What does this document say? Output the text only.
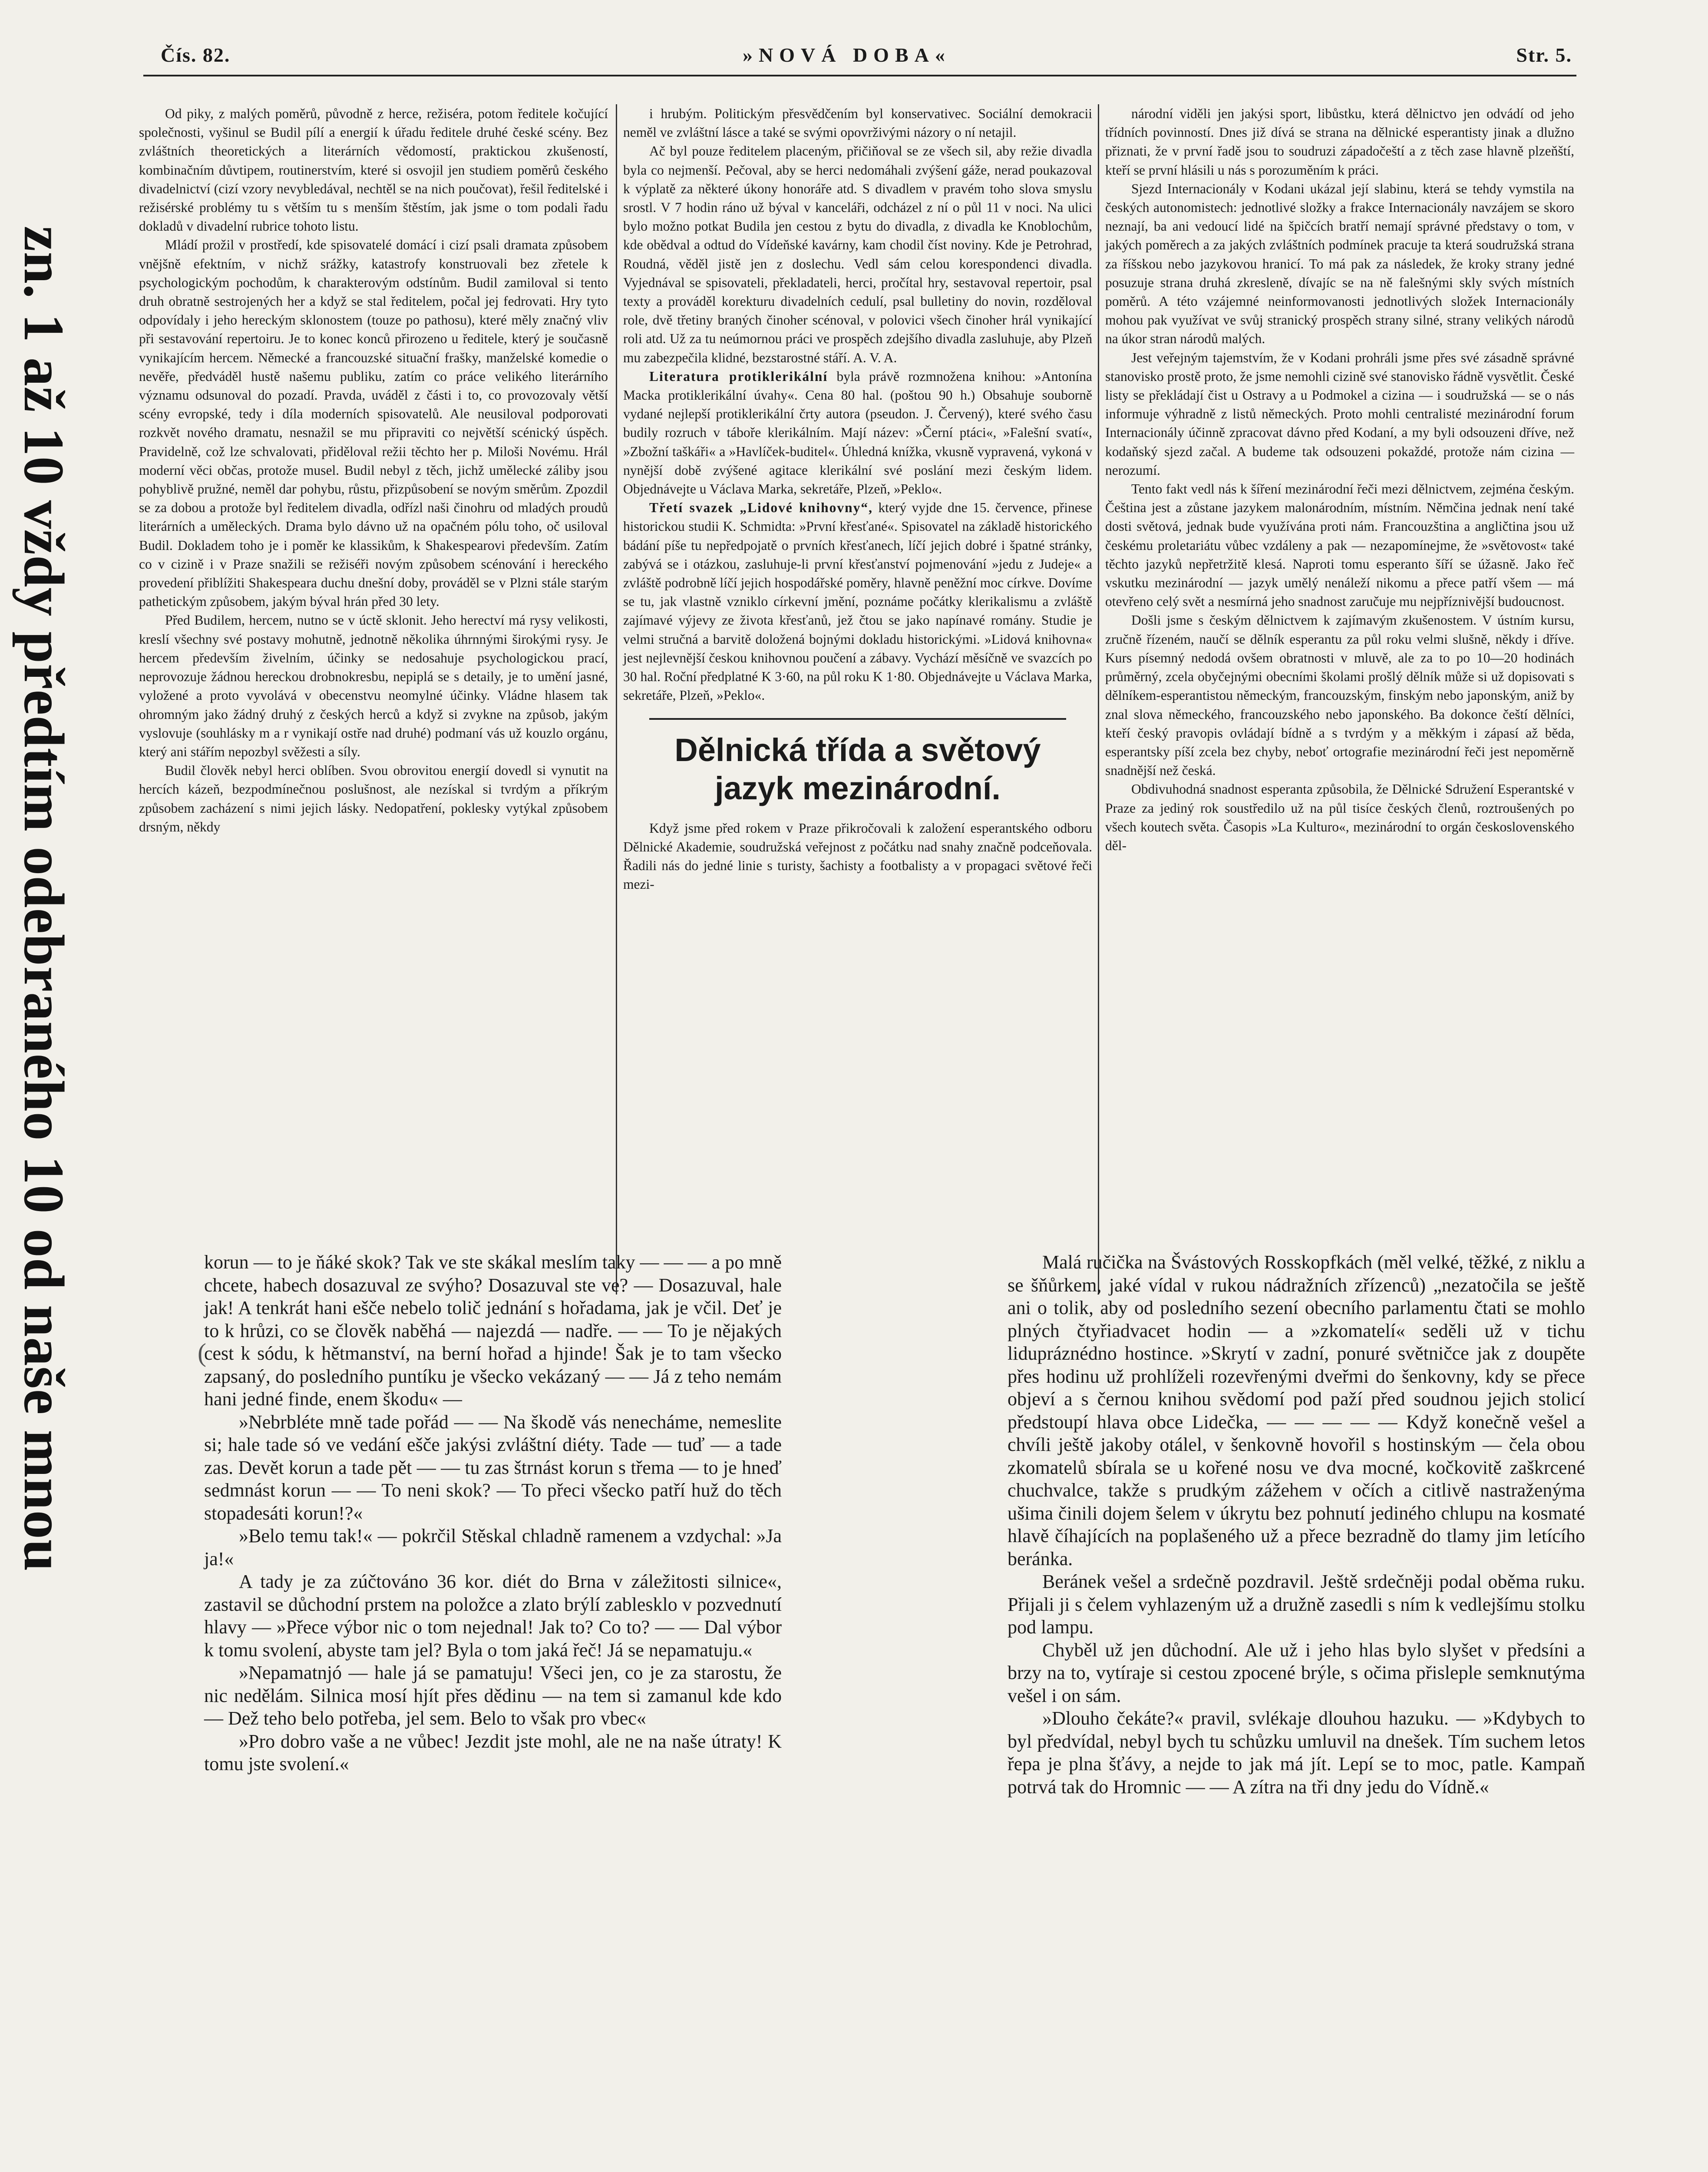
Čís. 82.	»NOVÁ DOBA«	Str. 5.
zn. 1 až 10 vždy předtím odebraného 10 od naše mnou

Od piky, z malých poměrů, původně z herce, režiséra, potom ředitele kočující společnosti, vyšinul se Budil pílí a energií k úřadu ředitele druhé české scény. Bez zvláštních theoretických a literárních vědomostí, praktickou zkušeností, kombinačním důvtipem, routinerstvím, které si osvojil jen studiem poměrů českého divadelnictví (cizí vzory nevybledával, nechtěl se na nich poučovat), řešil ředitelské i režisérské problémy tu s větším tu s menším štěstím, jak jsme o tom podali řadu dokladů v divadelní rubrice tohoto listu.

Mládí prožil v prostředí, kde spisovatelé domácí i cizí psali dramata způsobem vnějšně efektním, v nichž srážky, katastrofy konstruovali bez zřetele k psychologickým pochodům, k charakterovým odstínům. Budil zamiloval si tento druh obratně sestrojených her a když se stal ředitelem, počal jej fedrovati. Hry tyto odpovídaly i jeho hereckým sklonostem (touze po pathosu), které měly značný vliv při sestavování repertoiru. Je to konec konců přirozeno u ředitele, který je současně vynikajícím hercem. Německé a francouzské situační frašky, manželské komedie o nevěře, předváděl hustě našemu publiku, zatím co práce velikého literárního významu odsunoval do pozadí. Pravda, uváděl z části i to, co provozovaly větší scény evropské, tedy i díla moderních spisovatelů. Ale neusiloval podporovati rozkvět nového dramatu, nesnažil se mu připraviti co největší scénický úspěch. Pravidelně, což lze schvalovati, přiděloval režii těchto her p. Miloši Novému. Hrál moderní věci občas, protože musel. Budil nebyl z těch, jichž umělecké záliby jsou pohyblivě pružné, neměl dar pohybu, růstu, přizpůsobení se novým směrům. Zpozdil se za dobou a protože byl ředitelem divadla, odřízl naši činohru od mladých proudů literárních a uměleckých. Drama bylo dávno už na opačném pólu toho, oč usiloval Budil. Dokladem toho je i poměr ke klassikům, k Shakespearovi především. Zatím co v cizině i v Praze snažili se režiséři novým způsobem scénování i hereckého provedení přiblížiti Shakespeara duchu dnešní doby, prováděl se v Plzni stále starým pathetickým způsobem, jakým býval hrán před 30 lety.

Před Budilem, hercem, nutno se v úctě sklonit. Jeho herectví má rysy velikosti, kreslí všechny své postavy mohutně, jednotně několika úhrnnými širokými rysy. Je hercem především živelním, účinky se nedosahuje psychologickou prací, neprovozuje žádnou hereckou drobnokresbu, nepiplá se s detaily, je to umění jasné, vyložené a proto vyvolává v obecenstvu neomylné účinky. Vládne hlasem tak ohromným jako žádný druhý z českých herců a když si zvykne na způsob, jakým vyslovuje (souhlásky m a r vynikají ostře nad druhé) podmaní vás už kouzlo orgánu, který ani stářím nepozbyl svěžesti a síly.

Budil člověk nebyl herci oblíben. Svou obrovitou energií dovedl si vynutit na hercích kázeň, bezpodmínečnou poslušnost, ale nezískal si tvrdým a příkrým způsobem zacházení s nimi jejich lásky. Nedopatření, poklesky vytýkal způsobem drsným, někdy

i hrubým. Politickým přesvědčením byl konservativec. Sociální demokracii neměl ve zvláštní lásce a také se svými opovrživými názory o ní netajil.

Ač byl pouze ředitelem placeným, přičiňoval se ze všech sil, aby režie divadla byla co nejmenší. Pečoval, aby se herci nedomáhali zvýšení gáže, nerad poukazoval k výplatě za některé úkony honoráře atd. S divadlem v pravém toho slova smyslu srostl. V 7 hodin ráno už býval v kanceláři, odcházel z ní o půl 11 v noci. Na ulici bylo možno potkat Budila jen cestou z bytu do divadla, z divadla ke Knoblochům, kde obědval a odtud do Vídeňské kavárny, kam chodil číst noviny. Kde je Petrohrad, Roudná, věděl jistě jen z doslechu. Vedl sám celou korespondenci divadla. Vyjednával se spisovateli, překladateli, herci, pročítal hry, sestavoval repertoir, psal texty a prováděl korekturu divadelních cedulí, psal bulletiny do novin, rozděloval role, dvě třetiny braných činoher scénoval, v polovici všech činoher hrál vynikající roli atd. Už za tu neúmornou práci ve prospěch zdejšího divadla zasluhuje, aby Plzeň mu zabezpečila klidné, bezstarostné stáří. A. V. A.

Literatura protiklerikální byla právě rozmnožena knihou: »Antonína Macka protiklerikální úvahy«. Cena 80 hal. (poštou 90 h.) Obsahuje souborně vydané nejlepší protiklerikální črty autora (pseudon. J. Červený), které svého času budily rozruch v táboře klerikálním. Mají název: »Černí ptáci«, »Falešní svatí«, »Zbožní taškáři« a »Havlíček-buditel«. Úhledná knížka, vkusně vypravená, vykoná v nynější době zvýšené agitace klerikální své poslání mezi českým lidem. Objednávejte u Václava Marka, sekretáře, Plzeň, »Peklo«.

Třetí svazek „Lidové knihovny“, který vyjde dne 15. července, přinese historickou studii K. Schmidta: »První křesťané«. Spisovatel na základě historického bádání píše tu nepředpojatě o prvních křesťanech, líčí jejich dobré i špatné stránky, zabývá se i otázkou, zasluhuje-li první křesťanství pojmenování »jedu z Judeje« a zvláště podrobně líčí jejich hospodářské poměry, hlavně peněžní moc církve. Dovíme se tu, jak vlastně vzniklo církevní jmění, poznáme počátky klerikalismu a zvláště zajímavé výjevy ze života křesťanů, jež čtou se jako napínavé romány. Studie je velmi stručná a barvitě doložená bojnými dokladu historickými. »Lidová knihovna« jest nejlevnější českou knihovnou poučení a zábavy. Vychází měsíčně ve svazcích po 30 hal. Roční předplatné K 3·60, na půl roku K 1·80. Objednávejte u Václava Marka, sekretáře, Plzeň, »Peklo«.

Dělnická třída a světový
jazyk mezinárodní.

Když jsme před rokem v Praze přikročovali k založení esperantského odboru Dělnické Akademie, soudružská veřejnost z počátku nad snahy značně podceňovala. Řadili nás do jedné linie s turisty, šachisty a footbalisty a v propagaci světové řeči mezi-

národní viděli jen jakýsi sport, libůstku, která dělnictvo jen odvádí od jeho třídních povinností. Dnes již dívá se strana na dělnické esperantisty jinak a dlužno přiznati, že v první řadě jsou to soudruzi západočeští a z těch zase hlavně plzeňští, kteří se první hlásili u nás s porozuměním k práci.

Sjezd Internacionály v Kodani ukázal její slabinu, která se tehdy vymstila na českých autonomistech: jednotlivé složky a frakce Internacionály navzájem se skoro neznají, ba ani vedoucí lidé na špičcích bratří nemají správné představy o tom, v jakých poměrech a za jakých zvláštních podmínek pracuje ta která soudružská strana za říšskou nebo jazykovou hranicí. To má pak za následek, že kroky strany jedné posuzuje strana druhá zkresleně, dívajíc se na ně falešnými skly svých místních poměrů. A této vzájemné neinformovanosti jednotlivých složek Internacionály mohou pak využívat ve svůj stranický prospěch strany silné, strany velikých národů na úkor stran národů malých.

Jest veřejným tajemstvím, že v Kodani prohráli jsme přes své zásadně správné stanovisko prostě proto, že jsme nemohli cizině své stanovisko řádně vysvětlit. České listy se překládají čist u Ostravy a u Podmokel a cizina — i soudružská — se o nás informuje výhradně z listů německých. Proto mohli centralisté mezinárodní forum Internacionály účinně zpracovat dávno před Kodaní, a my byli odsouzeni dříve, než kodaňský sjezd začal. A budeme tak odsouzeni pokaždé, protože nám cizina — nerozumí.

Tento fakt vedl nás k šíření mezinárodní řeči mezi dělnictvem, zejména českým. Čeština jest a zůstane jazykem malonárodním, místním. Němčina jednak není také dosti světová, jednak bude využívána proti nám. Francouzština a angličtina jsou už českému proletariátu vůbec vzdáleny a pak — nezapomínejme, že »světovost« také těchto jazyků nepřetržitě klesá. Naproti tomu esperanto šíří se úžasně. Jako řeč vskutku mezinárodní — jazyk umělý nenáleží nikomu a přece patří všem — má otevřeno celý svět a nesmírná jeho snadnost zaručuje mu nejpříznivější budoucnost.

Došli jsme s českým dělnictvem k zajímavým zkušenostem. V ústním kursu, zručně řízeném, naučí se dělník esperantu za půl roku velmi slušně, někdy i dříve. Kurs písemný nedodá ovšem obratnosti v mluvě, ale za to po 10—20 hodinách průměrný, zcela obyčejnými obecními školami prošlý dělník může si už dopisovati s dělníkem-esperantistou německým, francouzským, finským nebo japonským, aniž by znal slova německého, francouzského nebo japonského. Ba dokonce čeští dělníci, kteří český pravopis ovládají bídně a s tvrdým y a měkkým i zápasí až běda, esperantsky píší zcela bez chyby, neboť ortografie mezinárodní řeči jest nepoměrně snadnější než česká.

Obdivuhodná snadnost esperanta způsobila, že Dělnické Sdružení Esperantské v Praze za jediný rok soustředilo už na půl tisíce českých členů, roztroušených po všech koutech světa. Časopis »La Kulturo«, mezinárodní to orgán československého děl-

(

korun — to je ňáké skok? Tak ve ste skákal meslím taky — — — a po mně chcete, habech dosazuval ze svýho? Dosazuval ste ve? — Dosazuval, hale jak! A tenkrát hani ešče nebelo tolič jednání s hořadama, jak je včil. Deť je to k hrůzi, co se člověk naběhá — najezdá — nadře. — — To je nějakých cest k sódu, k hětmanství, na berní hořad a hjinde! Šak je to tam všecko zapsaný, do posledního puntíku je všecko vekázaný — — Já z teho nemám hani jedné finde, enem škodu« —

»Nebrbléte mně tade pořád — — Na škodě vás nenecháme, nemeslite si; hale tade só ve vedání ešče jakýsi zvláštní diéty. Tade — tuď — a tade zas. Devět korun a tade pět — — tu zas štrnást korun s třema — to je hneď sedmnást korun — — To neni skok? — To přeci všecko patří huž do těch stopadesáti korun!?«

»Belo temu tak!« — pokrčil Stěskal chladně ramenem a vzdychal: »Ja ja!«

A tady je za zúčtováno 36 kor. diét do Brna v záležitosti silnice«, zastavil se důchodní prstem na položce a zlato brýlí zablesklo v pozvednutí hlavy — »Přece výbor nic o tom nejednal! Jak to? Co to? — — Dal výbor k tomu svolení, abyste tam jel? Byla o tom jaká řeč! Já se nepamatuju.«

»Nepamatnjó — hale já se pamatuju! Všeci jen, co je za starostu, že nic nedělám. Silnica mosí hjít přes dědinu — na tem si zamanul kde kdo — Dež teho belo potřeba, jel sem. Belo to však pro vbec«

»Pro dobro vaše a ne vůbec! Jezdit jste mohl, ale ne na naše útraty! K tomu jste svolení.«

Malá ručička na Švástových Rosskopfkách (měl velké, těžké, z niklu a se šňůrkem, jaké vídal v rukou nádražních zřízenců) „nezatočila se ještě ani o tolik, aby od posledního sezení obecního parlamentu čtati se mohlo plných čtyřiadvacet hodin — a »zkomatelí« seděli už v tichu lidupráznédno hostince. »Skrytí v zadní, ponuré světničce jak z doupěte přes hodinu už prohlíželi rozevřenými dveřmi do šenkovny, kdy se přece objeví a s černou knihou svědomí pod paží před soudnou jejich stolicí předstoupí hlava obce Lidečka, — — — — — Když konečně vešel a chvíli ještě jakoby otálel, v šenkovně hovořil s hostinským — čela obou zkomatelů sbírala se u kořené nosu ve dva mocné, kočkovitě zaškrcené chuchvalce, takže s prudkým zážehem v očích a citlivě nastraženýma ušima činili dojem šelem v úkrytu bez pohnutí jediného chlupu na kosmaté hlavě číhajících na poplašeného už a přece bezradně do tlamy jim letícího beránka.

Beránek vešel a srdečně pozdravil. Ještě srdečněji podal oběma ruku. Přijali ji s čelem vyhlazeným už a družně zasedli s ním k vedlejšímu stolku pod lampu.

Chyběl už jen důchodní. Ale už i jeho hlas bylo slyšet v předsíni a brzy na to, vytíraje si cestou zpocené brýle, s očima přisleple semknutýma vešel i on sám.

»Dlouho čekáte?« pravil, svlékaje dlouhou hazuku. — »Kdybych to byl předvídal, nebyl bych tu schůzku umluvil na dnešek. Tím suchem letos řepa je plna šťávy, a nejde to jak má jít. Lepí se to moc, patle. Kampaň potrvá tak do Hromnic — — A zítra na tři dny jedu do Vídně.«
